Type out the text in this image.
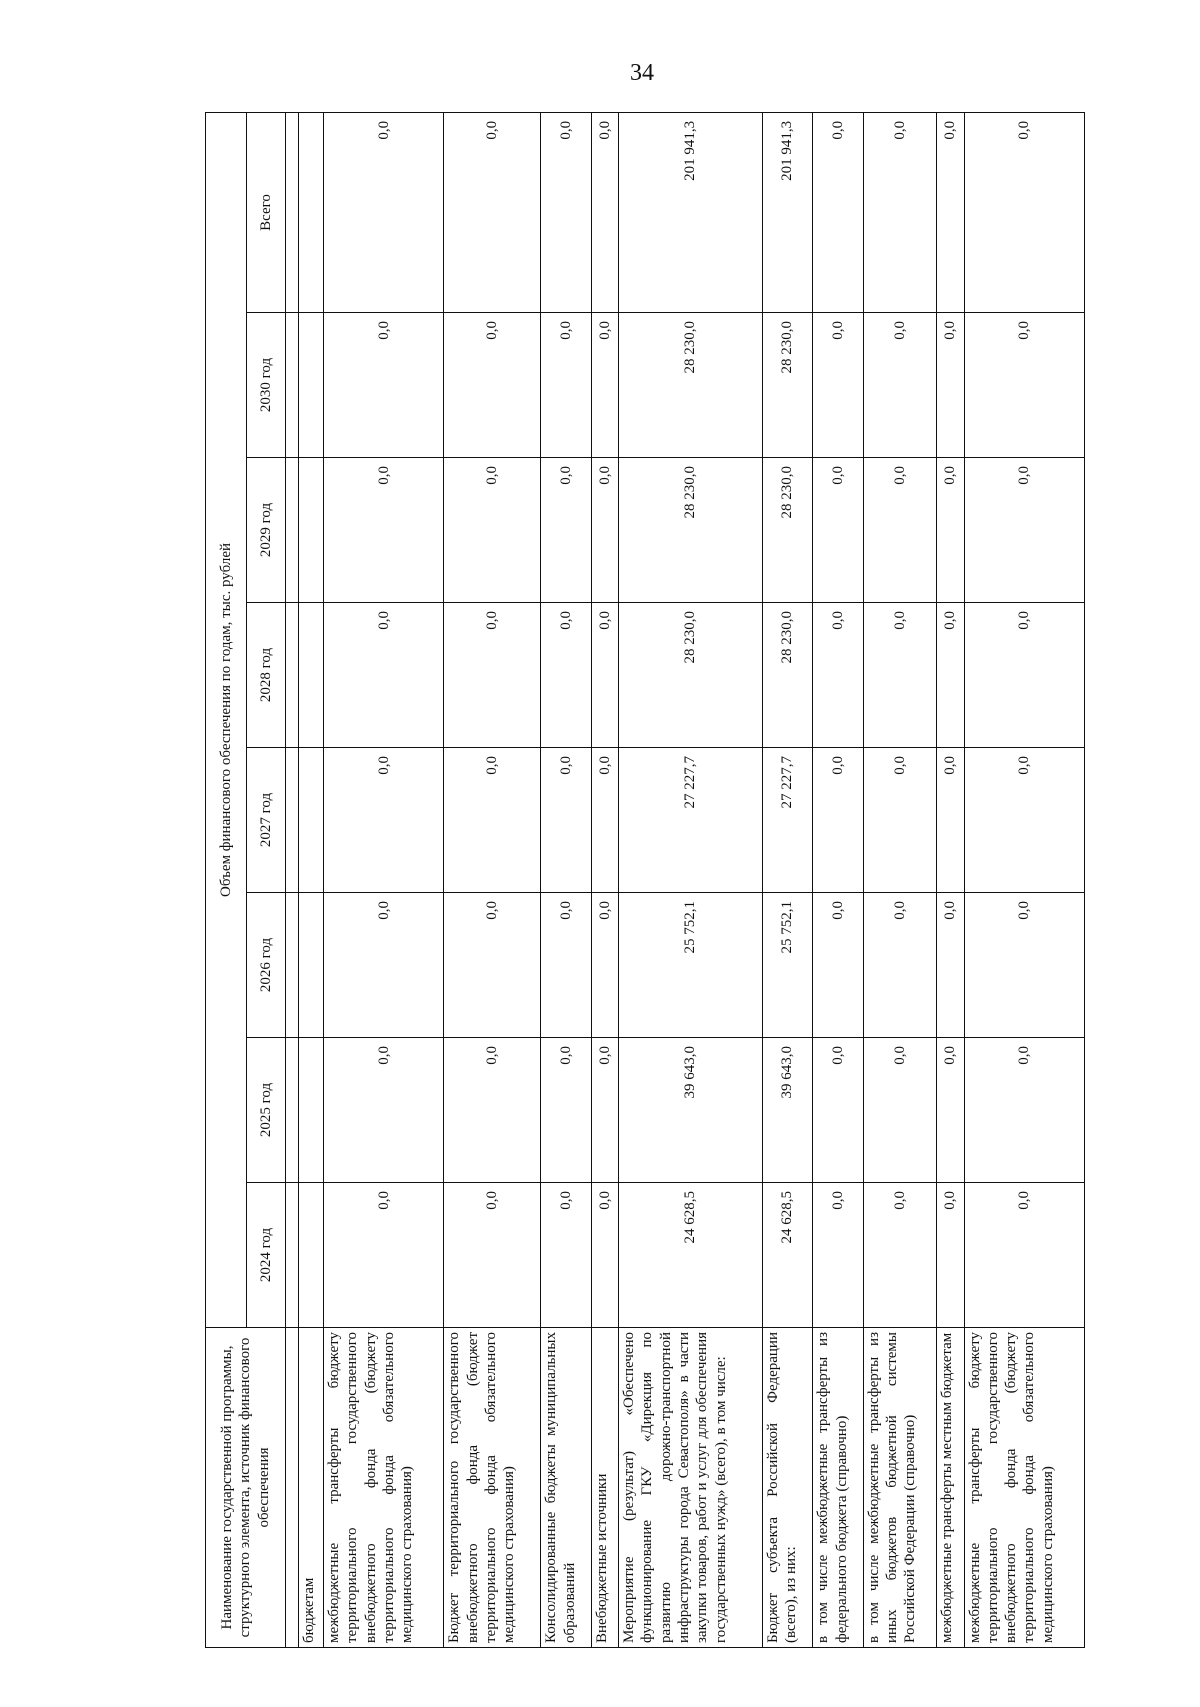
34
Наименование государственной программы, структурного элемента, источник финансового обеспечения	Объем финансового обеспечения по годам, тыс. рублей							
	2024 год	2025 год	2026 год	2027 год	2028 год	2029 год	2030 год	Всего

бюджетам								
межбюджетные трансферты бюджету территориального государственного внебюджетного фонда (бюджету территориального фонда обязательного медицинского страхования)	0,0	0,0	0,0	0,0	0,0	0,0	0,0	0,0
Бюджет территориального государственного внебюджетного фонда (бюджет территориального фонда обязательного медицинского страхования)	0,0	0,0	0,0	0,0	0,0	0,0	0,0	0,0
Консолидированные бюджеты муниципальных образований	0,0	0,0	0,0	0,0	0,0	0,0	0,0	0,0
Внебюджетные источники	0,0	0,0	0,0	0,0	0,0	0,0	0,0	0,0
Мероприятие (результат) «Обеспечено функционирование ГКУ «Дирекция по развитию дорожно-транспортной инфраструктуры города Севастополя» в части закупки товаров, работ и услуг для обеспечения государственных нужд» (всего), в том числе:	24 628,5	39 643,0	25 752,1	27 227,7	28 230,0	28 230,0	28 230,0	201 941,3
Бюджет субъекта Российской Федерации (всего), из них:	24 628,5	39 643,0	25 752,1	27 227,7	28 230,0	28 230,0	28 230,0	201 941,3
в том числе межбюджетные трансферты из федерального бюджета (справочно)	0,0	0,0	0,0	0,0	0,0	0,0	0,0	0,0
в том числе межбюджетные трансферты из иных бюджетов бюджетной системы Российской Федерации (справочно)	0,0	0,0	0,0	0,0	0,0	0,0	0,0	0,0
межбюджетные трансферты местным бюджетам	0,0	0,0	0,0	0,0	0,0	0,0	0,0	0,0
межбюджетные трансферты бюджету территориального государственного внебюджетного фонда (бюджету территориального фонда обязательного медицинского страхования)	0,0	0,0	0,0	0,0	0,0	0,0	0,0	0,0
